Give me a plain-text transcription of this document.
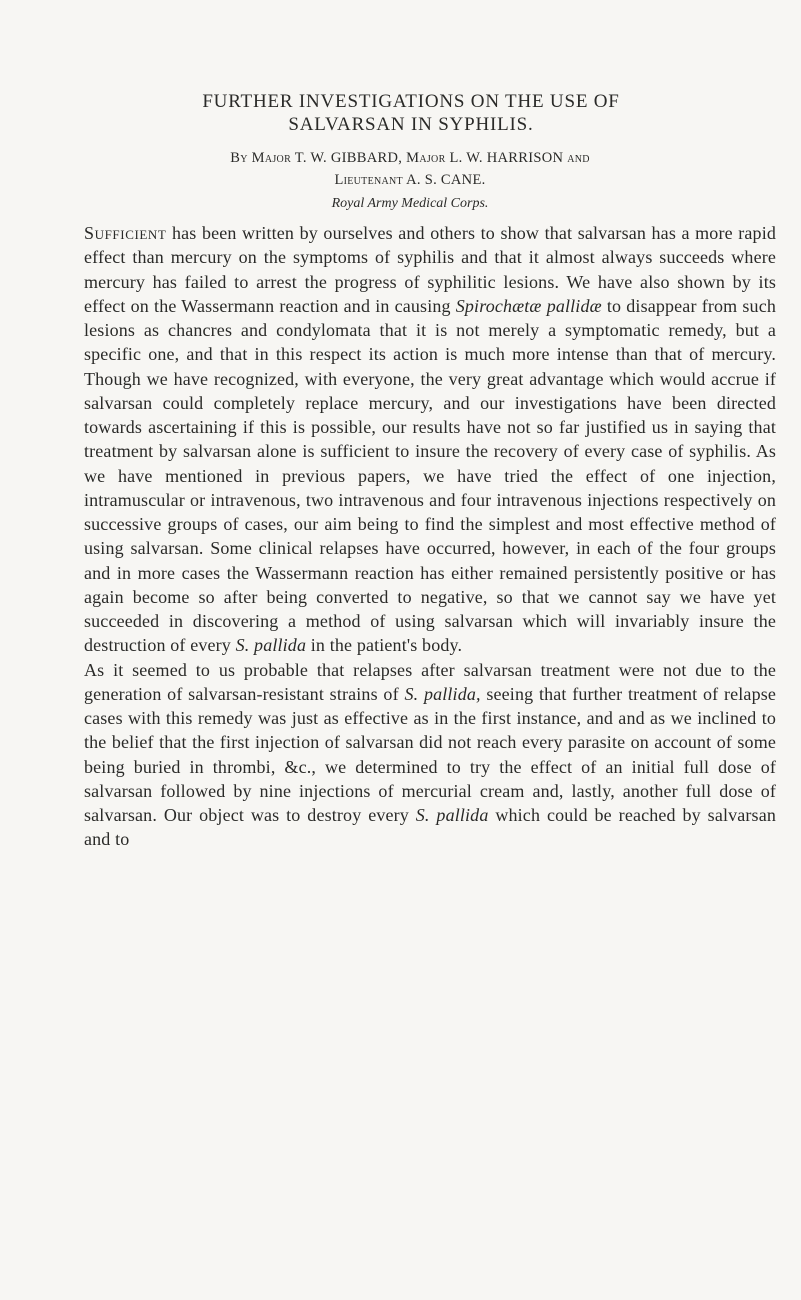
FURTHER INVESTIGATIONS ON THE USE OF
SALVARSAN IN SYPHILIS.
By Major T. W. GIBBARD, Major L. W. HARRISON and
Lieutenant A. S. CANE.
Royal Army Medical Corps.

Sufficient has been written by ourselves and others to show that salvarsan has a more rapid effect than mercury on the symptoms of syphilis and that it almost always succeeds where mercury has failed to arrest the progress of syphilitic lesions. We have also shown by its effect on the Wassermann reaction and in causing Spirochætæ pallidæ to disappear from such lesions as chancres and condylomata that it is not merely a symptomatic remedy, but a specific one, and that in this respect its action is much more intense than that of mercury. Though we have recognized, with everyone, the very great advantage which would accrue if salvarsan could completely replace mercury, and our investigations have been directed towards ascertaining if this is possible, our results have not so far justified us in saying that treatment by salvarsan alone is sufficient to insure the recovery of every case of syphilis. As we have mentioned in previous papers, we have tried the effect of one injection, intramuscular or intravenous, two intravenous and four intravenous injections respectively on successive groups of cases, our aim being to find the simplest and most effective method of using salvarsan. Some clinical relapses have occurred, however, in each of the four groups and in more cases the Wassermann reaction has either remained persistently positive or has again become so after being converted to negative, so that we cannot say we have yet succeeded in discovering a method of using salvarsan which will invariably insure the destruction of every S. pallida in the patient's body.

As it seemed to us probable that relapses after salvarsan treatment were not due to the generation of salvarsan-resistant strains of S. pallida, seeing that further treatment of relapse cases with this remedy was just as effective as in the first instance, and and as we inclined to the belief that the first injection of salvarsan did not reach every parasite on account of some being buried in thrombi, &c., we determined to try the effect of an initial full dose of salvarsan followed by nine injections of mercurial cream and, lastly, another full dose of salvarsan. Our object was to destroy every S. pallida which could be reached by salvarsan and to
